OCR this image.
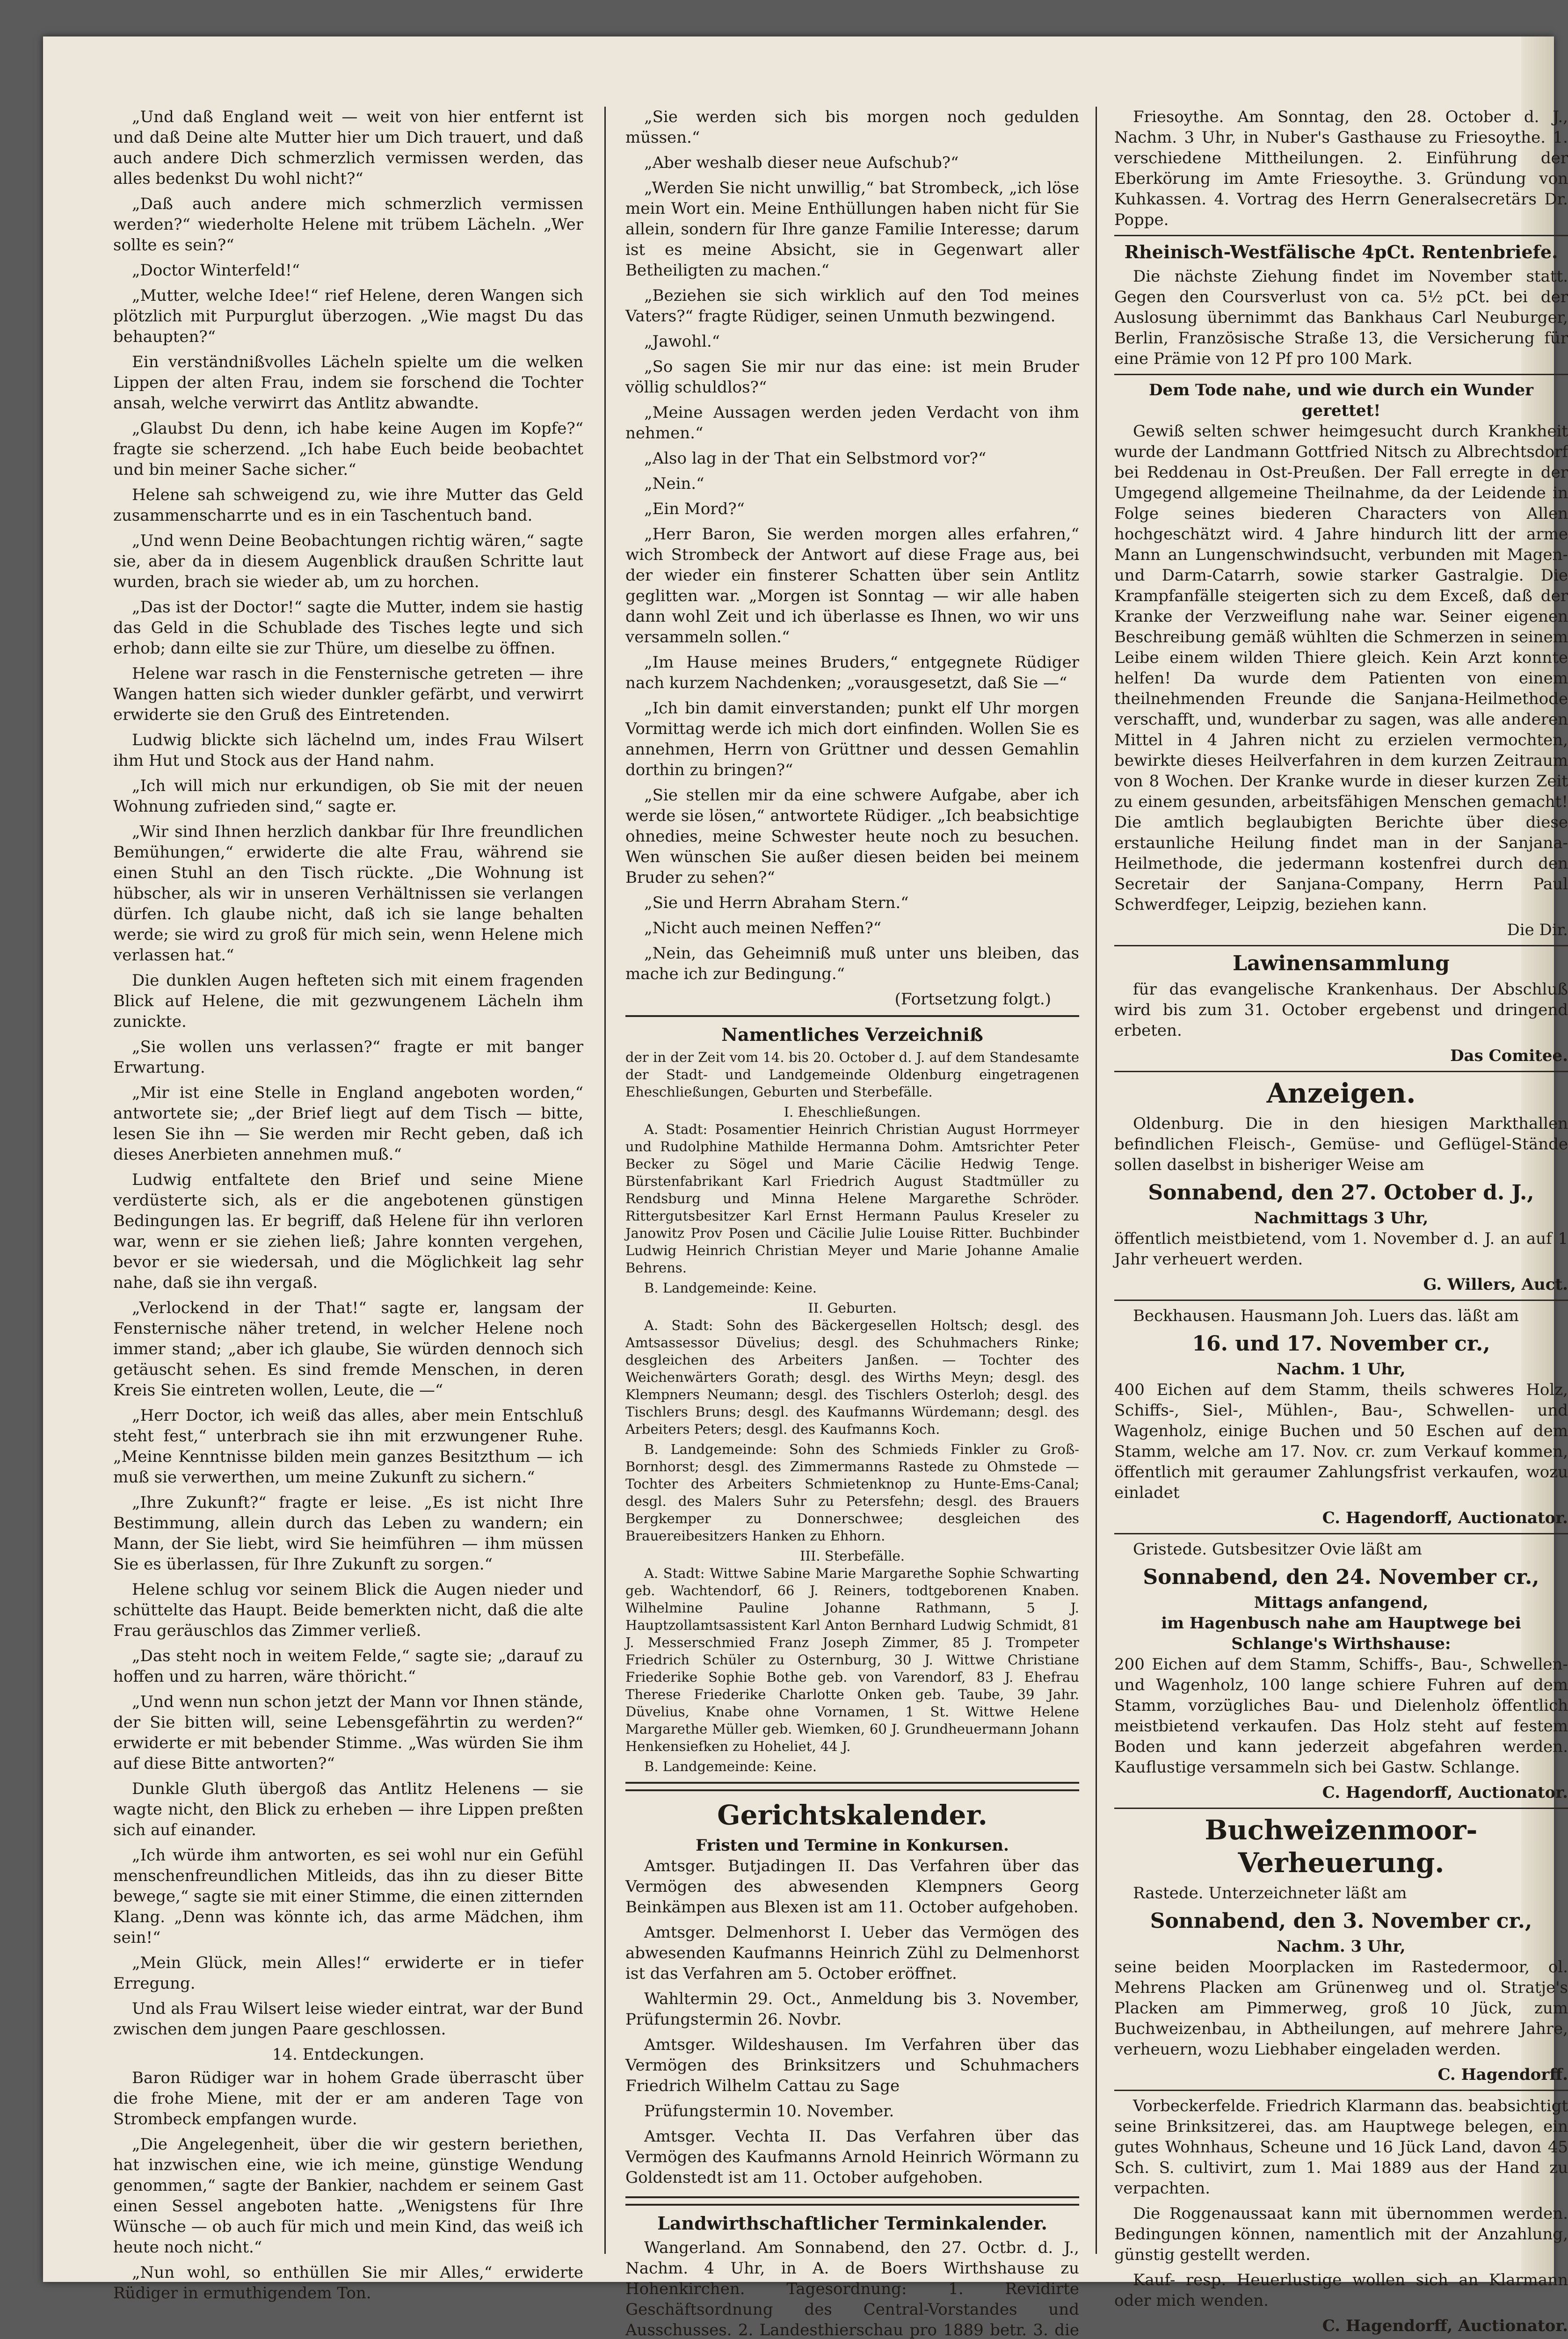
„Und daß England weit — weit von hier entfernt ist und daß Deine alte Mutter hier um Dich trauert, und daß auch andere Dich schmerzlich vermissen werden, das alles bedenkst Du wohl nicht?“

„Daß auch andere mich schmerzlich vermissen werden?“ wiederholte Helene mit trübem Lächeln. „Wer sollte es sein?“

„Doctor Winterfeld!“

„Mutter, welche Idee!“ rief Helene, deren Wangen sich plötzlich mit Purpurglut überzogen. „Wie magst Du das behaupten?“

Ein verständnißvolles Lächeln spielte um die welken Lippen der alten Frau, indem sie forschend die Tochter ansah, welche verwirrt das Antlitz abwandte.

„Glaubst Du denn, ich habe keine Augen im Kopfe?“ fragte sie scherzend. „Ich habe Euch beide beobachtet und bin meiner Sache sicher.“

Helene sah schweigend zu, wie ihre Mutter das Geld zusammenscharrte und es in ein Taschentuch band.

„Und wenn Deine Beobachtungen richtig wären,“ sagte sie, aber da in diesem Augenblick draußen Schritte laut wurden, brach sie wieder ab, um zu horchen.

„Das ist der Doctor!“ sagte die Mutter, indem sie hastig das Geld in die Schublade des Tisches legte und sich erhob; dann eilte sie zur Thüre, um dieselbe zu öffnen.

Helene war rasch in die Fensternische getreten — ihre Wangen hatten sich wieder dunkler gefärbt, und verwirrt erwiderte sie den Gruß des Eintretenden.

Ludwig blickte sich lächelnd um, indes Frau Wilsert ihm Hut und Stock aus der Hand nahm.

„Ich will mich nur erkundigen, ob Sie mit der neuen Wohnung zufrieden sind,“ sagte er.

„Wir sind Ihnen herzlich dankbar für Ihre freundlichen Bemühungen,“ erwiderte die alte Frau, während sie einen Stuhl an den Tisch rückte. „Die Wohnung ist hübscher, als wir in unseren Verhältnissen sie verlangen dürfen. Ich glaube nicht, daß ich sie lange behalten werde; sie wird zu groß für mich sein, wenn Helene mich verlassen hat.“

Die dunklen Augen hefteten sich mit einem fragenden Blick auf Helene, die mit gezwungenem Lächeln ihm zunickte.

„Sie wollen uns verlassen?“ fragte er mit banger Erwartung.

„Mir ist eine Stelle in England angeboten worden,“ antwortete sie; „der Brief liegt auf dem Tisch — bitte, lesen Sie ihn — Sie werden mir Recht geben, daß ich dieses Anerbieten annehmen muß.“

Ludwig entfaltete den Brief und seine Miene verdüsterte sich, als er die angebotenen günstigen Bedingungen las. Er begriff, daß Helene für ihn verloren war, wenn er sie ziehen ließ; Jahre konnten vergehen, bevor er sie wiedersah, und die Möglichkeit lag sehr nahe, daß sie ihn vergaß.

„Verlockend in der That!“ sagte er, langsam der Fensternische näher tretend, in welcher Helene noch immer stand; „aber ich glaube, Sie würden dennoch sich getäuscht sehen. Es sind fremde Menschen, in deren Kreis Sie eintreten wollen, Leute, die —“

„Herr Doctor, ich weiß das alles, aber mein Entschluß steht fest,“ unterbrach sie ihn mit erzwungener Ruhe. „Meine Kenntnisse bilden mein ganzes Besitzthum — ich muß sie verwerthen, um meine Zukunft zu sichern.“

„Ihre Zukunft?“ fragte er leise. „Es ist nicht Ihre Bestimmung, allein durch das Leben zu wandern; ein Mann, der Sie liebt, wird Sie heimführen — ihm müssen Sie es überlassen, für Ihre Zukunft zu sorgen.“

Helene schlug vor seinem Blick die Augen nieder und schüttelte das Haupt. Beide bemerkten nicht, daß die alte Frau geräuschlos das Zimmer verließ.

„Das steht noch in weitem Felde,“ sagte sie; „darauf zu hoffen und zu harren, wäre thöricht.“

„Und wenn nun schon jetzt der Mann vor Ihnen stände, der Sie bitten will, seine Lebensgefährtin zu werden?“ erwiderte er mit bebender Stimme. „Was würden Sie ihm auf diese Bitte antworten?“

Dunkle Gluth übergoß das Antlitz Helenens — sie wagte nicht, den Blick zu erheben — ihre Lippen preßten sich auf einander.

„Ich würde ihm antworten, es sei wohl nur ein Gefühl menschenfreundlichen Mitleids, das ihn zu dieser Bitte bewege,“ sagte sie mit einer Stimme, die einen zitternden Klang. „Denn was könnte ich, das arme Mädchen, ihm sein!“

„Mein Glück, mein Alles!“ erwiderte er in tiefer Erregung.

Und als Frau Wilsert leise wieder eintrat, war der Bund zwischen dem jungen Paare geschlossen.

14. Entdeckungen.

Baron Rüdiger war in hohem Grade überrascht über die frohe Miene, mit der er am anderen Tage von Strombeck empfangen wurde.

„Die Angelegenheit, über die wir gestern beriethen, hat inzwischen eine, wie ich meine, günstige Wendung genommen,“ sagte der Bankier, nachdem er seinem Gast einen Sessel angeboten hatte. „Wenigstens für Ihre Wünsche — ob auch für mich und mein Kind, das weiß ich heute noch nicht.“

„Nun wohl, so enthüllen Sie mir Alles,“ erwiderte Rüdiger in ermuthigendem Ton.

„Sie werden sich bis morgen noch gedulden müssen.“

„Aber weshalb dieser neue Aufschub?“

„Werden Sie nicht unwillig,“ bat Strombeck, „ich löse mein Wort ein. Meine Enthüllungen haben nicht für Sie allein, sondern für Ihre ganze Familie Interesse; darum ist es meine Absicht, sie in Gegenwart aller Betheiligten zu machen.“

„Beziehen sie sich wirklich auf den Tod meines Vaters?“ fragte Rüdiger, seinen Unmuth bezwingend.

„Jawohl.“

„So sagen Sie mir nur das eine: ist mein Bruder völlig schuldlos?“

„Meine Aussagen werden jeden Verdacht von ihm nehmen.“

„Also lag in der That ein Selbstmord vor?“

„Nein.“

„Ein Mord?“

„Herr Baron, Sie werden morgen alles erfahren,“ wich Strombeck der Antwort auf diese Frage aus, bei der wieder ein finsterer Schatten über sein Antlitz geglitten war. „Morgen ist Sonntag — wir alle haben dann wohl Zeit und ich überlasse es Ihnen, wo wir uns versammeln sollen.“

„Im Hause meines Bruders,“ entgegnete Rüdiger nach kurzem Nachdenken; „vorausgesetzt, daß Sie —“

„Ich bin damit einverstanden; punkt elf Uhr morgen Vormittag werde ich mich dort einfinden. Wollen Sie es annehmen, Herrn von Grüttner und dessen Gemahlin dorthin zu bringen?“

„Sie stellen mir da eine schwere Aufgabe, aber ich werde sie lösen,“ antwortete Rüdiger. „Ich beabsichtige ohnedies, meine Schwester heute noch zu besuchen. Wen wünschen Sie außer diesen beiden bei meinem Bruder zu sehen?“

„Sie und Herrn Abraham Stern.“

„Nicht auch meinen Neffen?“

„Nein, das Geheimniß muß unter uns bleiben, das mache ich zur Bedingung.“

(Fortsetzung folgt.)
Namentliches Verzeichniß

der in der Zeit vom 14. bis 20. October d. J. auf dem Standesamte der Stadt- und Landgemeinde Oldenburg eingetragenen Eheschließungen, Geburten und Sterbefälle.

I. Eheschließungen.

A. Stadt: Posamentier Heinrich Christian August Horrmeyer und Rudolphine Mathilde Hermanna Dohm. Amtsrichter Peter Becker zu Sögel und Marie Cäcilie Hedwig Tenge. Bürstenfabrikant Karl Friedrich August Stadtmüller zu Rendsburg und Minna Helene Margarethe Schröder. Rittergutsbesitzer Karl Ernst Hermann Paulus Kreseler zu Janowitz Prov Posen und Cäcilie Julie Louise Ritter. Buchbinder Ludwig Heinrich Christian Meyer und Marie Johanne Amalie Behrens.

B. Landgemeinde: Keine.

II. Geburten.

A. Stadt: Sohn des Bäckergesellen Holtsch; desgl. des Amtsassessor Düvelius; desgl. des Schuhmachers Rinke; desgleichen des Arbeiters Janßen. — Tochter des Weichenwärters Gorath; desgl. des Wirths Meyn; desgl. des Klempners Neumann; desgl. des Tischlers Osterloh; desgl. des Tischlers Bruns; desgl. des Kaufmanns Würdemann; desgl. des Arbeiters Peters; desgl. des Kaufmanns Koch.

B. Landgemeinde: Sohn des Schmieds Finkler zu Groß-Bornhorst; desgl. des Zimmermanns Rastede zu Ohmstede — Tochter des Arbeiters Schmietenknop zu Hunte-Ems-Canal; desgl. des Malers Suhr zu Petersfehn; desgl. des Brauers Bergkemper zu Donnerschwee; desgleichen des Brauereibesitzers Hanken zu Ehhorn.

III. Sterbefälle.

A. Stadt: Wittwe Sabine Marie Margarethe Sophie Schwarting geb. Wachtendorf, 66 J. Reiners, todtgeborenen Knaben. Wilhelmine Pauline Johanne Rathmann, 5 J. Hauptzollamtsassistent Karl Anton Bernhard Ludwig Schmidt, 81 J. Messerschmied Franz Joseph Zimmer, 85 J. Trompeter Friedrich Schüler zu Osternburg, 30 J. Wittwe Christiane Friederike Sophie Bothe geb. von Varendorf, 83 J. Ehefrau Therese Friederike Charlotte Onken geb. Taube, 39 Jahr. Düvelius, Knabe ohne Vornamen, 1 St. Wittwe Helene Margarethe Müller geb. Wiemken, 60 J. Grundheuermann Johann Henkensiefken zu Hoheliet, 44 J.

B. Landgemeinde: Keine.

Gerichtskalender.
Fristen und Termine in Konkursen.

Amtsger. Butjadingen II. Das Verfahren über das Vermögen des abwesenden Klempners Georg Beinkämpen aus Blexen ist am 11. October aufgehoben.

Amtsger. Delmenhorst I. Ueber das Vermögen des abwesenden Kaufmanns Heinrich Zühl zu Delmenhorst ist das Verfahren am 5. October eröffnet.

Wahltermin 29. Oct., Anmeldung bis 3. November, Prüfungstermin 26. Novbr.

Amtsger. Wildeshausen. Im Verfahren über das Vermögen des Brinksitzers und Schuhmachers Friedrich Wilhelm Cattau zu Sage

Prüfungstermin 10. November.

Amtsger. Vechta II. Das Verfahren über das Vermögen des Kaufmanns Arnold Heinrich Wörmann zu Goldenstedt ist am 11. October aufgehoben.

Landwirthschaftlicher Terminkalender.

Wangerland. Am Sonnabend, den 27. Octbr. d. J., Nachm. 4 Uhr, in A. de Boers Wirthshause zu Hohenkirchen. Tagesordnung: 1. Revidirte Geschäftsordnung des Central-Vorstandes und Ausschusses. 2. Landesthierschau pro 1889 betr. 3. die

Friesoythe. Am Sonntag, den 28. October d. J., Nachm. 3 Uhr, in Nuber's Gasthause zu Friesoythe. 1. verschiedene Mittheilungen. 2. Einführung der Eberkörung im Amte Friesoythe. 3. Gründung von Kuhkassen. 4. Vortrag des Herrn Generalsecretärs Dr. Poppe.

Rheinisch-Westfälische 4pCt. Rentenbriefe.

Die nächste Ziehung findet im November statt. Gegen den Coursverlust von ca. 5½ pCt. bei der Auslosung übernimmt das Bankhaus Carl Neuburger, Berlin, Französische Straße 13, die Versicherung für eine Prämie von 12 Pf pro 100 Mark.

Dem Tode nahe, und wie durch ein Wunder gerettet!

Gewiß selten schwer heimgesucht durch Krankheit wurde der Landmann Gottfried Nitsch zu Albrechtsdorf bei Reddenau in Ost-Preußen. Der Fall erregte in der Umgegend allgemeine Theilnahme, da der Leidende in Folge seines biederen Characters von Allen hochgeschätzt wird. 4 Jahre hindurch litt der arme Mann an Lungenschwindsucht, verbunden mit Magen- und Darm-Catarrh, sowie starker Gastralgie. Die Krampfanfälle steigerten sich zu dem Exceß, daß der Kranke der Verzweiflung nahe war. Seiner eigenen Beschreibung gemäß wühlten die Schmerzen in seinem Leibe einem wilden Thiere gleich. Kein Arzt konnte helfen! Da wurde dem Patienten von einem theilnehmenden Freunde die Sanjana-Heilmethode verschafft, und, wunderbar zu sagen, was alle anderen Mittel in 4 Jahren nicht zu erzielen vermochten, bewirkte dieses Heilverfahren in dem kurzen Zeitraum von 8 Wochen. Der Kranke wurde in dieser kurzen Zeit zu einem gesunden, arbeitsfähigen Menschen gemacht! Die amtlich beglaubigten Berichte über diese erstaunliche Heilung findet man in der Sanjana-Heilmethode, die jedermann kostenfrei durch den Secretair der Sanjana-Company, Herrn Paul Schwerdfeger, Leipzig, beziehen kann.

Die Dir.
Lawinensammlung

für das evangelische Krankenhaus. Der Abschluß wird bis zum 31. October ergebenst und dringend erbeten.

Das Comitee.
Anzeigen.

Oldenburg. Die in den hiesigen Markthallen befindlichen Fleisch-, Gemüse- und Geflügel-Stände sollen daselbst in bisheriger Weise am

Sonnabend, den 27. October d. J.,
Nachmittags 3 Uhr,

öffentlich meistbietend, vom 1. November d. J. an auf 1 Jahr verheuert werden.

G. Willers, Auct.

Beckhausen. Hausmann Joh. Luers das. läßt am

16. und 17. November cr.,
Nachm. 1 Uhr,

400 Eichen auf dem Stamm, theils schweres Holz, Schiffs-, Siel-, Mühlen-, Bau-, Schwellen- und Wagenholz, einige Buchen und 50 Eschen auf dem Stamm, welche am 17. Nov. cr. zum Verkauf kommen, öffentlich mit geraumer Zahlungsfrist verkaufen, wozu einladet

C. Hagendorff, Auctionator.

Gristede. Gutsbesitzer Ovie läßt am

Sonnabend, den 24. November cr.,
Mittags anfangend,
im Hagenbusch nahe am Hauptwege bei Schlange's Wirthshause:

200 Eichen auf dem Stamm, Schiffs-, Bau-, Schwellen- und Wagenholz, 100 lange schiere Fuhren auf dem Stamm, vorzügliches Bau- und Dielenholz öffentlich meistbietend verkaufen. Das Holz steht auf festem Boden und kann jederzeit abgefahren werden. Kauflustige versammeln sich bei Gastw. Schlange.

C. Hagendorff, Auctionator.
Buchweizenmoor-Verheuerung.

Rastede. Unterzeichneter läßt am

Sonnabend, den 3. November cr.,
Nachm. 3 Uhr,

seine beiden Moorplacken im Rastedermoor, ol. Mehrens Placken am Grünenweg und ol. Stratje's Placken am Pimmerweg, groß 10 Jück, zum Buchweizenbau, in Abtheilungen, auf mehrere Jahre, verheuern, wozu Liebhaber eingeladen werden.

C. Hagendorff.

Vorbeckerfelde. Friedrich Klarmann das. beabsichtigt seine Brinksitzerei, das. am Hauptwege belegen, ein gutes Wohnhaus, Scheune und 16 Jück Land, davon 45 Sch. S. cultivirt, zum 1. Mai 1889 aus der Hand zu verpachten.

Die Roggenaussaat kann mit übernommen werden. Bedingungen können, namentlich mit der Anzahlung, günstig gestellt werden.

Kauf- resp. Heuerlustige wollen sich an Klarmann oder mich wenden.

C. Hagendorff, Auctionator.
